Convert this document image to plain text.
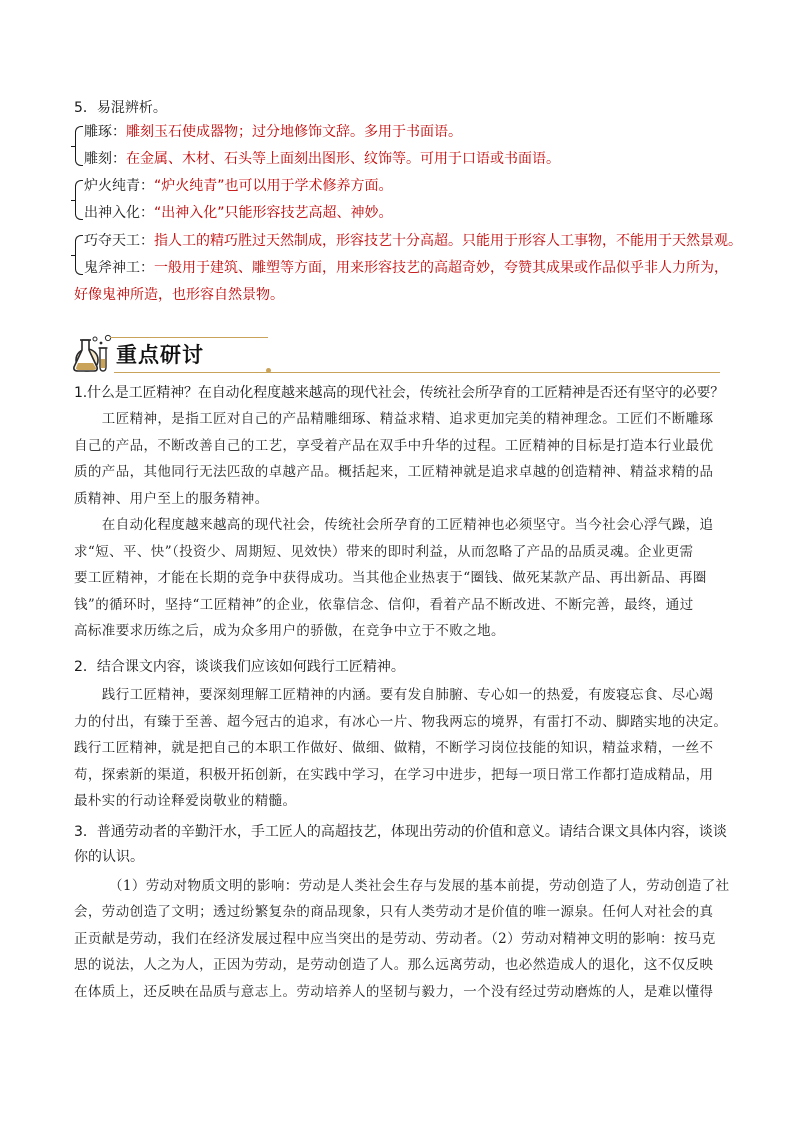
5．易混辨析。
雕琢：雕刻玉石使成器物；过分地修饰文辞。多用于书面语。
雕刻：在金属、木材、石头等上面刻出图形、纹饰等。可用于口语或书面语。
炉火纯青：“炉火纯青”也可以用于学术修养方面。
出神入化：“出神入化”只能形容技艺高超、神妙。
巧夺天工：指人工的精巧胜过天然制成，形容技艺十分高超。只能用于形容人工事物，不能用于天然景观。
鬼斧神工：一般用于建筑、雕塑等方面，用来形容技艺的高超奇妙，夸赞其成果或作品似乎非人力所为，
好像鬼神所造，也形容自然景物。
重点研讨
1.什么是工匠精神？在自动化程度越来越高的现代社会，传统社会所孕育的工匠精神是否还有坚守的必要？
　　工匠精神，是指工匠对自己的产品精雕细琢、精益求精、追求更加完美的精神理念。工匠们不断雕琢
自己的产品，不断改善自己的工艺，享受着产品在双手中升华的过程。工匠精神的目标是打造本行业最优
质的产品，其他同行无法匹敌的卓越产品。概括起来，工匠精神就是追求卓越的创造精神、精益求精的品
质精神、用户至上的服务精神。
　　在自动化程度越来越高的现代社会，传统社会所孕育的工匠精神也必须坚守。当今社会心浮气躁，追
求“短、平、快”（投资少、周期短、见效快）带来的即时利益，从而忽略了产品的品质灵魂。企业更需
要工匠精神，才能在长期的竞争中获得成功。当其他企业热衷于“圈钱、做死某款产品、再出新品、再圈
钱”的循环时，坚持“工匠精神”的企业，依靠信念、信仰，看着产品不断改进、不断完善，最终，通过
高标准要求历练之后，成为众多用户的骄傲，在竞争中立于不败之地。
2．结合课文内容，谈谈我们应该如何践行工匠精神。
　　践行工匠精神，要深刻理解工匠精神的内涵。要有发自肺腑、专心如一的热爱，有废寝忘食、尽心竭
力的付出，有臻于至善、超今冠古的追求，有冰心一片、物我两忘的境界，有雷打不动、脚踏实地的决定。
践行工匠精神，就是把自己的本职工作做好、做细、做精，不断学习岗位技能的知识，精益求精，一丝不
苟，探索新的渠道，积极开拓创新，在实践中学习，在学习中进步，把每一项日常工作都打造成精品，用
最朴实的行动诠释爱岗敬业的精髓。
3．普通劳动者的辛勤汗水，手工匠人的高超技艺，体现出劳动的价值和意义。请结合课文具体内容，谈谈
你的认识。
　　　（1）劳动对物质文明的影响：劳动是人类社会生存与发展的基本前提，劳动创造了人，劳动创造了社
会，劳动创造了文明；透过纷繁复杂的商品现象，只有人类劳动才是价值的唯一源泉。任何人对社会的真
正贡献是劳动，我们在经济发展过程中应当突出的是劳动、劳动者。（2）劳动对精神文明的影响：按马克
思的说法，人之为人，正因为劳动，是劳动创造了人。那么远离劳动，也必然造成人的退化，这不仅反映
在体质上，还反映在品质与意志上。劳动培养人的坚韧与毅力，一个没有经过劳动磨炼的人，是难以懂得
